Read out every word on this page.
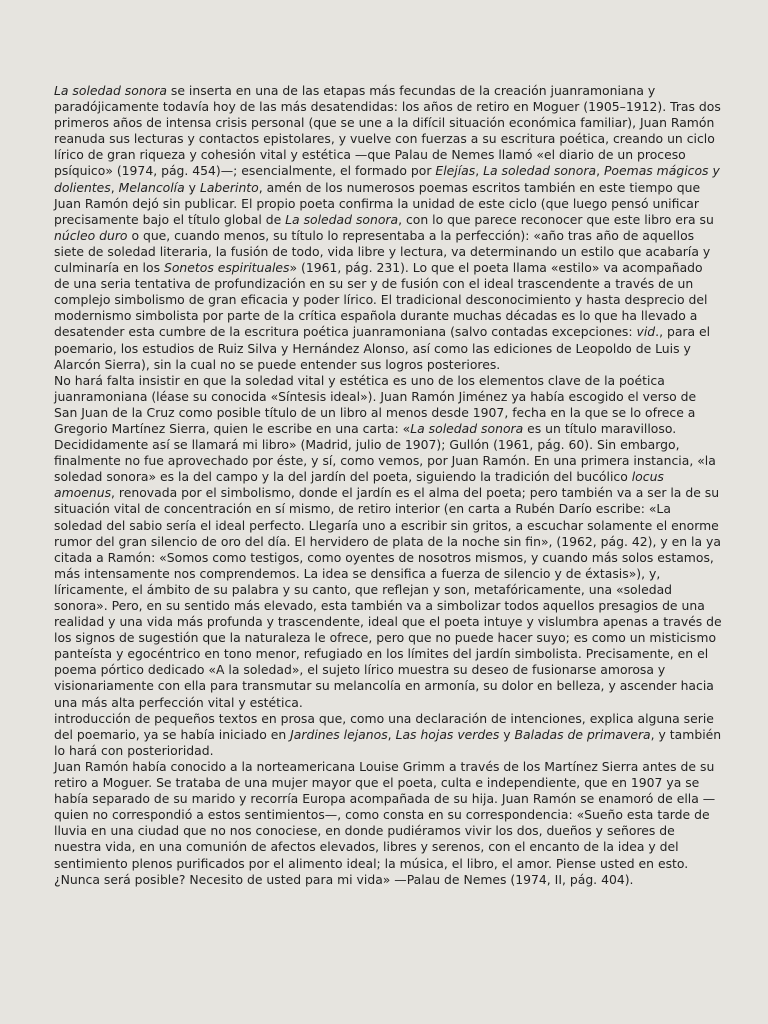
La soledad sonora se inserta en una de las etapas más fecundas de la creación juanramoniana y paradójicamente todavía hoy de las más desatendidas: los años de retiro en Moguer (1905–1912). Tras dos primeros años de intensa crisis personal (que se une a la difícil situación económica familiar), Juan Ramón reanuda sus lecturas y contactos epistolares, y vuelve con fuerzas a su escritura poética, creando un ciclo lírico de gran riqueza y cohesión vital y estética —que Palau de Nemes llamó «el diario de un proceso psíquico» (1974, pág. 454)—; esencialmente, el formado por Elejías, La soledad sonora, Poemas mágicos y dolientes, Melancolía y Laberinto, amén de los numerosos poemas escritos también en este tiempo que Juan Ramón dejó sin publicar. El propio poeta confirma la unidad de este ciclo (que luego pensó unificar precisamente bajo el título global de La soledad sonora, con lo que parece reconocer que este libro era su núcleo duro o que, cuando menos, su título lo representaba a la perfección): «año tras año de aquellos siete de soledad literaria, la fusión de todo, vida libre y lectura, va determinando un estilo que acabaría y culminaría en los Sonetos espirituales» (1961, pág. 231). Lo que el poeta llama «estilo» va acompañado de una seria tentativa de profundización en su ser y de fusión con el ideal trascendente a través de un complejo simbolismo de gran eficacia y poder lírico. El tradicional desconocimiento y hasta desprecio del modernismo simbolista por parte de la crítica española durante muchas décadas es lo que ha llevado a desatender esta cumbre de la escritura poética juanramoniana (salvo contadas excepciones: vid., para el poemario, los estudios de Ruiz Silva y Hernández Alonso, así como las ediciones de Leopoldo de Luis y Alarcón Sierra), sin la cual no se puede entender sus logros posteriores.

No hará falta insistir en que la soledad vital y estética es uno de los elementos clave de la poética juanramoniana (léase su conocida «Síntesis ideal»). Juan Ramón Jiménez ya había escogido el verso de San Juan de la Cruz como posible título de un libro al menos desde 1907, fecha en la que se lo ofrece a Gregorio Martínez Sierra, quien le escribe en una carta: «La soledad sonora es un título maravilloso. Decididamente así se llamará mi libro» (Madrid, julio de 1907); Gullón (1961, pág. 60). Sin embargo, finalmente no fue aprovechado por éste, y sí, como vemos, por Juan Ramón. En una primera instancia, «la soledad sonora» es la del campo y la del jardín del poeta, siguiendo la tradición del bucólico locus amoenus, renovada por el simbolismo, donde el jardín es el alma del poeta; pero también va a ser la de su situación vital de concentración en sí mismo, de retiro interior (en carta a Rubén Darío escribe: «La soledad del sabio sería el ideal perfecto. Llegaría uno a escribir sin gritos, a escuchar solamente el enorme rumor del gran silencio de oro del día. El hervidero de plata de la noche sin fin», (1962, pág. 42), y en la ya citada a Ramón: «Somos como testigos, como oyentes de nosotros mismos, y cuando más solos estamos, más intensamente nos comprendemos. La idea se densifica a fuerza de silencio y de éxtasis»), y, líricamente, el ámbito de su palabra y su canto, que reflejan y son, metafóricamente, una «soledad sonora». Pero, en su sentido más elevado, esta también va a simbolizar todos aquellos presagios de una realidad y una vida más profunda y trascendente, ideal que el poeta intuye y vislumbra apenas a través de los signos de sugestión que la naturaleza le ofrece, pero que no puede hacer suyo; es como un misticismo panteísta y egocéntrico en tono menor, refugiado en los límites del jardín simbolista. Precisamente, en el poema pórtico dedicado «A la soledad», el sujeto lírico muestra su deseo de fusionarse amorosa y visionariamente con ella para transmutar su melancolía en armonía, su dolor en belleza, y ascender hacia una más alta perfección vital y estética.

introducción de pequeños textos en prosa que, como una declaración de intenciones, explica alguna serie del poemario, ya se había iniciado en Jardines lejanos, Las hojas verdes y Baladas de primavera, y también lo hará con posterioridad.

Juan Ramón había conocido a la norteamericana Louise Grimm a través de los Martínez Sierra antes de su retiro a Moguer. Se trataba de una mujer mayor que el poeta, culta e independiente, que en 1907 ya se había separado de su marido y recorría Europa acompañada de su hija. Juan Ramón se enamoró de ella —quien no correspondió a estos sentimientos—, como consta en su correspondencia: «Sueño esta tarde de lluvia en una ciudad que no nos conociese, en donde pudiéramos vivir los dos, dueños y señores de nuestra vida, en una comunión de afectos elevados, libres y serenos, con el encanto de la idea y del sentimiento plenos purificados por el alimento ideal; la música, el libro, el amor. Piense usted en esto. ¿Nunca será posible? Necesito de usted para mi vida» —Palau de Nemes (1974, II, pág. 404).
